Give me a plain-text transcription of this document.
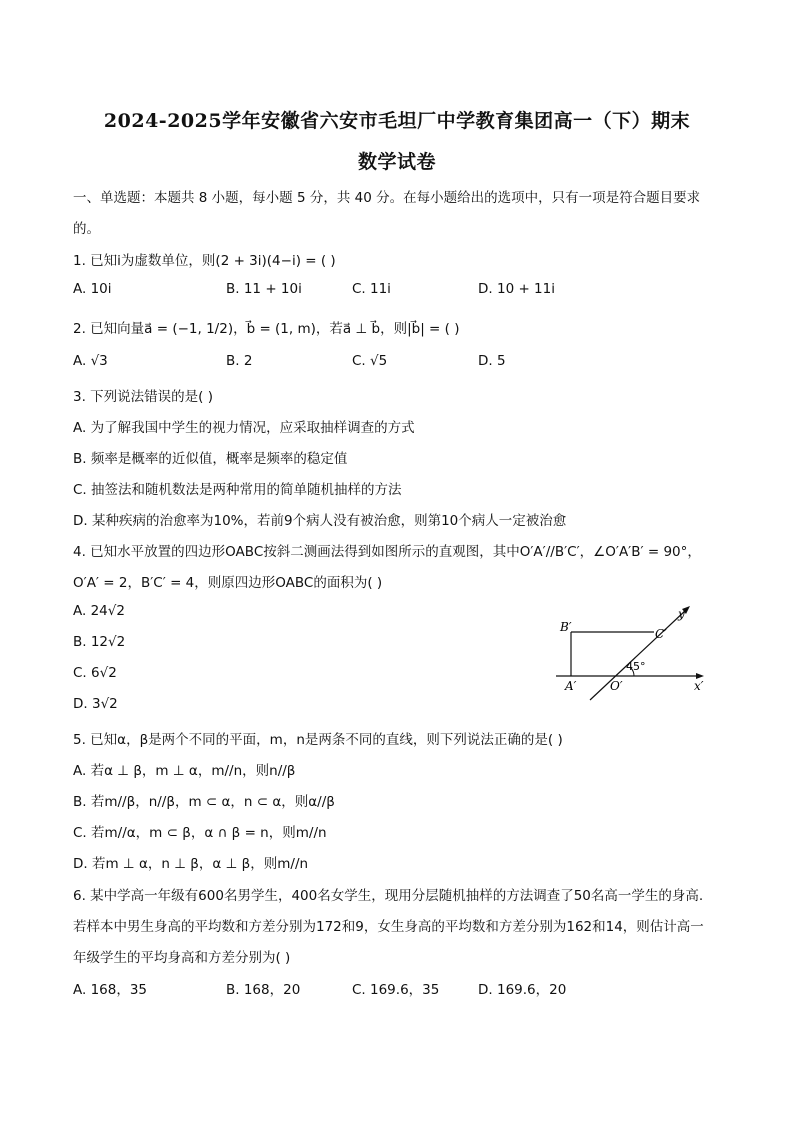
2024-2025学年安徽省六安市毛坦厂中学教育集团高一（下）期末
数学试卷
一、单选题：本题共 8 小题，每小题 5 分，共 40 分。在每小题给出的选项中，只有一项是符合题目要求
的。
1. 已知i为虚数单位，则(2 + 3i)(4−i) = ( )
A. 10i	B. 11 + 10i	C. 11i	D. 10 + 11i
2. 已知向量a⃗ = (−1, 1/2)，b⃗ = (1, m)，若a⃗ ⊥ b⃗，则|b⃗| = ( )
A. √3	B. 2	C. √5	D. 5
3. 下列说法错误的是( )
A. 为了解我国中学生的视力情况，应采取抽样调查的方式
B. 频率是概率的近似值，概率是频率的稳定值
C. 抽签法和随机数法是两种常用的简单随机抽样的方法
D. 某种疾病的治愈率为10%，若前9个病人没有被治愈，则第10个病人一定被治愈
4. 已知水平放置的四边形OABC按斜二测画法得到如图所示的直观图，其中O′A′//B′C′，∠O′A′B′ = 90°，
O′A′ = 2，B′C′ = 4，则原四边形OABC的面积为( )
A. 24√2
B. 12√2
C. 6√2
D. 3√2
B′	C′
A′	O′	x′
y′
45°
5. 已知α，β是两个不同的平面，m，n是两条不同的直线，则下列说法正确的是( )
A. 若α ⊥ β，m ⊥ α，m//n，则n//β
B. 若m//β，n//β，m ⊂ α，n ⊂ α，则α//β
C. 若m//α，m ⊂ β，α ∩ β = n，则m//n
D. 若m ⊥ α，n ⊥ β，α ⊥ β，则m//n
6. 某中学高一年级有600名男学生，400名女学生，现用分层随机抽样的方法调查了50名高一学生的身高.
若样本中男生身高的平均数和方差分别为172和9，女生身高的平均数和方差分别为162和14，则估计高一
年级学生的平均身高和方差分别为( )
A. 168，35	B. 168，20	C. 169.6，35	D. 169.6，20
